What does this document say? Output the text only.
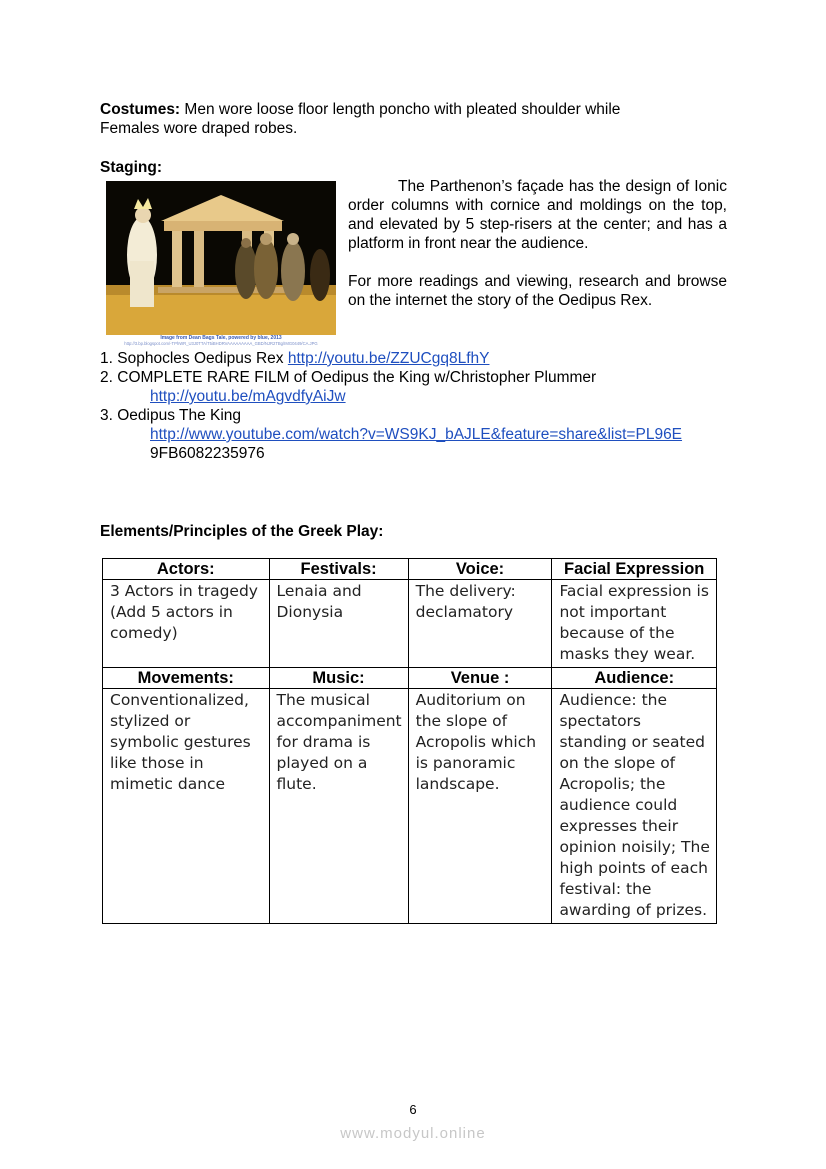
Costumes: Men wore loose floor length poncho with pleated shoulder while
Females wore draped robes.
Staging:
Image from Dean Bags Tale, powered by blue, 2013
http://3.bp.blogspot.com/-TPhWR_U3J0TTA/T5iBHDRVAAAAAAAAA_GBD/NJR2TBg/IMG0449/CA.JPG
The Parthenon’s façade has the design of Ionic order columns with cornice and moldings on the top, and elevated by 5 step-risers at the center; and has a platform in front near the audience.
For more readings and viewing, research and browse on the internet the story of the Oedipus Rex.
1. Sophocles Oedipus Rex http://youtu.be/ZZUCgq8LfhY
2. COMPLETE RARE FILM of Oedipus the King w/Christopher Plummer
http://youtu.be/mAgvdfyAiJw
3. Oedipus The King
http://www.youtube.com/watch?v=WS9KJ_bAJLE&feature=share&list=PL96E
9FB6082235976
Elements/Principles of the Greek Play:
Actors:	Festivals:	Voice:	Facial Expression
3 Actors in tragedy (Add 5 actors in comedy)	Lenaia and Dionysia	The delivery: declamatory	Facial expression is not important because of the masks they wear.
Movements:	Music:	Venue :	Audience:
Conventionalized, stylized or symbolic gestures like those in mimetic dance	The musical accompaniment for drama is played on a flute.	Auditorium on the slope of Acropolis which is panoramic landscape.	Audience: the spectators standing or seated on the slope of Acropolis; the audience could expresses their opinion noisily; The high points of each festival: the awarding of prizes.
6
www.modyul.online
